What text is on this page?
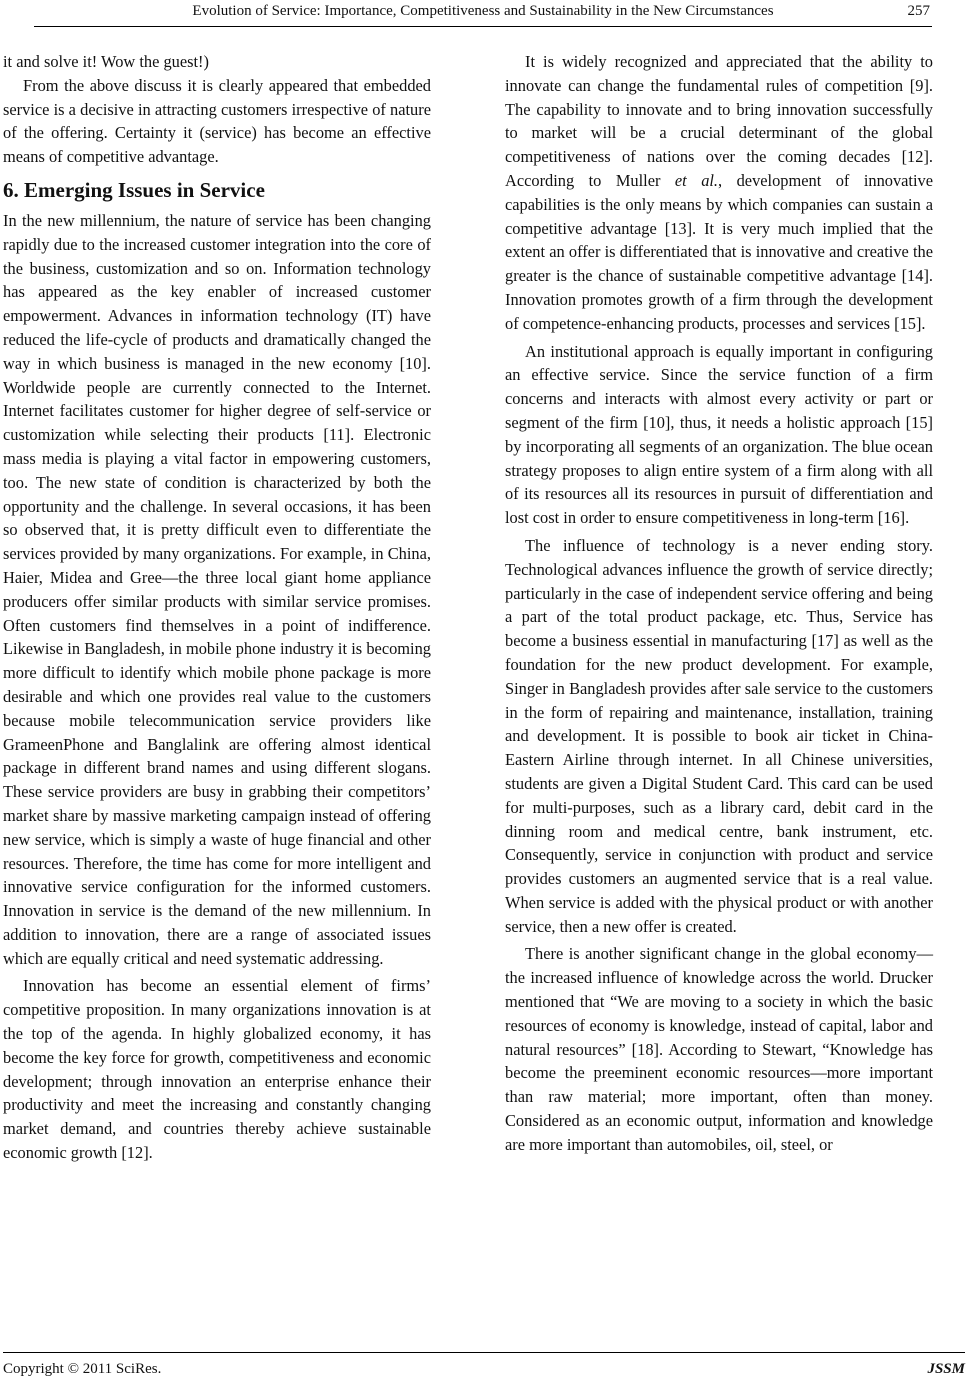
Evolution of Service: Importance, Competitiveness and Sustainability in the New Circumstances	257

it and solve it! Wow the guest!)

From the above discuss it is clearly appeared that embedded service is a decisive in attracting customers irrespective of nature of the offering. Certainty it (service) has become an effective means of competitive advantage.

6. Emerging Issues in Service

In the new millennium, the nature of service has been changing rapidly due to the increased customer integration into the core of the business, customization and so on. Information technology has appeared as the key enabler of increased customer empowerment. Advances in information technology (IT) have reduced the life-cycle of products and dramatically changed the way in which business is managed in the new economy [10]. Worldwide people are currently connected to the Internet. Internet facilitates customer for higher degree of self-service or customization while selecting their products [11]. Electronic mass media is playing a vital factor in empowering customers, too. The new state of condition is characterized by both the opportunity and the challenge. In several occasions, it has been so observed that, it is pretty difficult even to differentiate the services provided by many organizations. For example, in China, Haier, Midea and Gree—the three local giant home appliance producers offer similar products with similar service promises. Often customers find themselves in a point of indifference. Likewise in Bangladesh, in mobile phone industry it is becoming more difficult to identify which mobile phone package is more desirable and which one provides real value to the customers because mobile telecommunication service providers like GrameenPhone and Banglalink are offering almost identical package in different brand names and using different slogans. These service providers are busy in grabbing their competitors’ market share by massive marketing campaign instead of offering new service, which is simply a waste of huge financial and other resources. Therefore, the time has come for more intelligent and innovative service configuration for the informed customers. Innovation in service is the demand of the new millennium. In addition to innovation, there are a range of associated issues which are equally critical and need systematic addressing.

Innovation has become an essential element of firms’ competitive proposition. In many organizations innovation is at the top of the agenda. In highly globalized economy, it has become the key force for growth, competitiveness and economic development; through innovation an enterprise enhance their productivity and meet the increasing and constantly changing market demand, and countries thereby achieve sustainable economic growth [12].

It is widely recognized and appreciated that the ability to innovate can change the fundamental rules of competition [9]. The capability to innovate and to bring innovation successfully to market will be a crucial determinant of the global competitiveness of nations over the coming decades [12]. According to Muller et al., development of innovative capabilities is the only means by which companies can sustain a competitive advantage [13]. It is very much implied that the extent an offer is differentiated that is innovative and creative the greater is the chance of sustainable competitive advantage [14]. Innovation promotes growth of a firm through the development of competence-enhancing products, processes and services [15].

An institutional approach is equally important in configuring an effective service. Since the service function of a firm concerns and interacts with almost every activity or part or segment of the firm [10], thus, it needs a holistic approach [15] by incorporating all segments of an organization. The blue ocean strategy proposes to align entire system of a firm along with all of its resources all its resources in pursuit of differentiation and lost cost in order to ensure competitiveness in long-term [16].

The influence of technology is a never ending story. Technological advances influence the growth of service directly; particularly in the case of independent service offering and being a part of the total product package, etc. Thus, Service has become a business essential in manufacturing [17] as well as the foundation for the new product development. For example, Singer in Bangladesh provides after sale service to the customers in the form of repairing and maintenance, installation, training and development. It is possible to book air ticket in China-Eastern Airline through internet. In all Chinese universities, students are given a Digital Student Card. This card can be used for multi-purposes, such as a library card, debit card in the dinning room and medical centre, bank instrument, etc. Consequently, service in conjunction with product and service provides customers an augmented service that is a real value. When service is added with the physical product or with another service, then a new offer is created.

There is another significant change in the global economy—the increased influence of knowledge across the world. Drucker mentioned that “We are moving to a society in which the basic resources of economy is knowledge, instead of capital, labor and natural resources” [18]. According to Stewart, “Knowledge has become the preeminent economic resources—more important than raw material; more important, often than money. Considered as an economic output, information and knowledge are more important than automobiles, oil, steel, or

Copyright © 2011 SciRes.	JSSM
